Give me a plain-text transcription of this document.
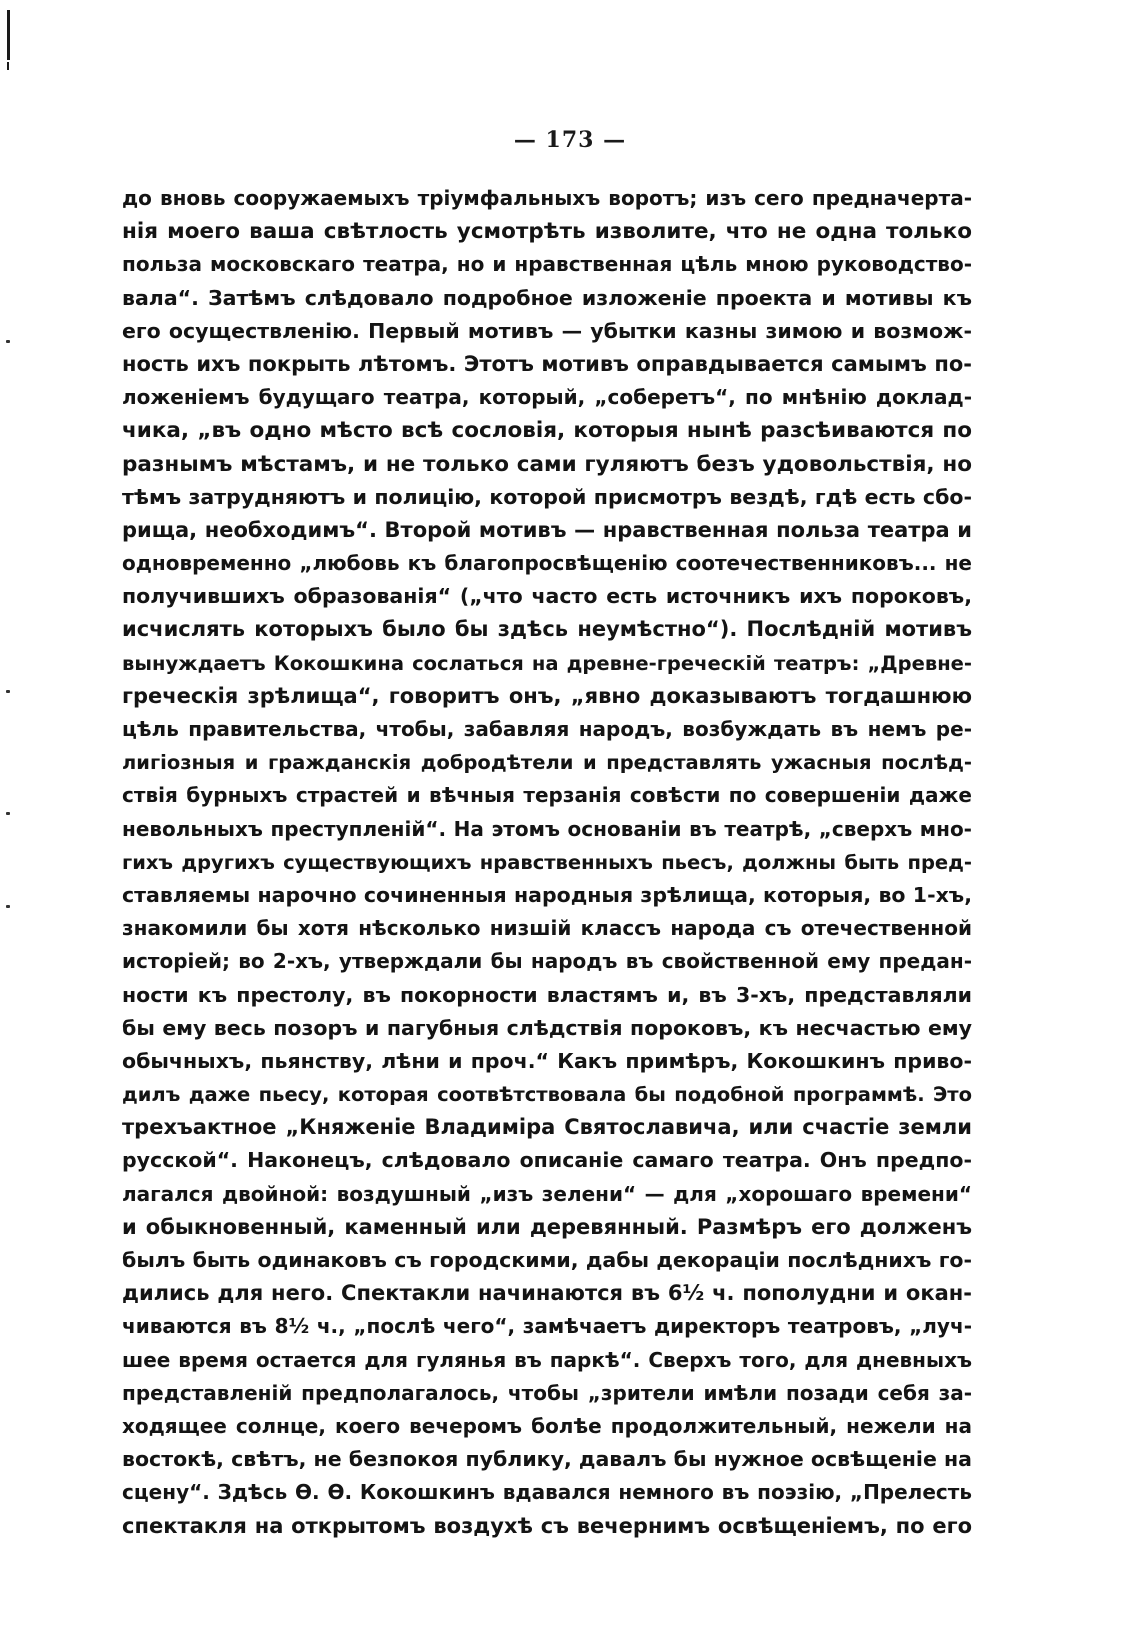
— 173 —
до вновь сооружаемыхъ тріумфальныхъ воротъ; изъ сего предначерта-
нія моего ваша свѣтлость усмотрѣть изволите, что не одна только
польза московскаго театра, но и нравственная цѣль мною руководство-
вала“. Затѣмъ слѣдовало подробное изложеніе проекта и мотивы къ
его осуществленію. Первый мотивъ — убытки казны зимою и возмож-
ность ихъ покрыть лѣтомъ. Этотъ мотивъ оправдывается самымъ по-
ложеніемъ будущаго театра, который, „соберетъ“, по мнѣнію доклад-
чика, „въ одно мѣсто всѣ сословія, которыя нынѣ разсѣиваются по
разнымъ мѣстамъ, и не только сами гуляютъ безъ удовольствія, но
тѣмъ затрудняютъ и полицію, которой присмотръ вездѣ, гдѣ есть сбо-
рища, необходимъ“. Второй мотивъ — нравственная польза театра и
одновременно „любовь къ благопросвѣщенію соотечественниковъ... не
получившихъ образованія“ („что часто есть источникъ ихъ пороковъ,
исчислять которыхъ было бы здѣсь неумѣстно“). Послѣдній мотивъ
вынуждаетъ Кокошкина сослаться на древне-греческій театръ: „Древне-
греческія зрѣлища“, говоритъ онъ, „явно доказываютъ тогдашнюю
цѣль правительства, чтобы, забавляя народъ, возбуждать въ немъ ре-
лигіозныя и гражданскія добродѣтели и представлять ужасныя послѣд-
ствія бурныхъ страстей и вѣчныя терзанія совѣсти по совершеніи даже
невольныхъ преступленій“. На этомъ основаніи въ театрѣ, „сверхъ мно-
гихъ другихъ существующихъ нравственныхъ пьесъ, должны быть пред-
ставляемы нарочно сочиненныя народныя зрѣлища, которыя, во 1-хъ,
знакомили бы хотя нѣсколько низшій классъ народа съ отечественной
исторіей; во 2-хъ, утверждали бы народъ въ свойственной ему предан-
ности къ престолу, въ покорности властямъ и, въ 3-хъ, представляли
бы ему весь позоръ и пагубныя слѣдствія пороковъ, къ несчастью ему
обычныхъ, пьянству, лѣни и проч.“ Какъ примѣръ, Кокошкинъ приво-
дилъ даже пьесу, которая соотвѣтствовала бы подобной программѣ. Это
трехъактное „Княженіе Владиміра Святославича, или счастіе земли
русской“. Наконецъ, слѣдовало описаніе самаго театра. Онъ предпо-
лагался двойной: воздушный „изъ зелени“ — для „хорошаго времени“
и обыкновенный, каменный или деревянный. Размѣръ его долженъ
былъ быть одинаковъ съ городскими, дабы декораціи послѣднихъ го-
дились для него. Спектакли начинаются въ 6½ ч. пополудни и окан-
чиваются въ 8½ ч., „послѣ чего“, замѣчаетъ директоръ театровъ, „луч-
шее время остается для гулянья въ паркѣ“. Сверхъ того, для дневныхъ
представленій предполагалось, чтобы „зрители имѣли позади себя за-
ходящее солнце, коего вечеромъ болѣе продолжительный, нежели на
востокѣ, свѣтъ, не безпокоя публику, давалъ бы нужное освѣщеніе на
сцену“. Здѣсь Ѳ. Ѳ. Кокошкинъ вдавался немного въ поэзію, „Прелесть
спектакля на открытомъ воздухѣ съ вечернимъ освѣщеніемъ, по его
